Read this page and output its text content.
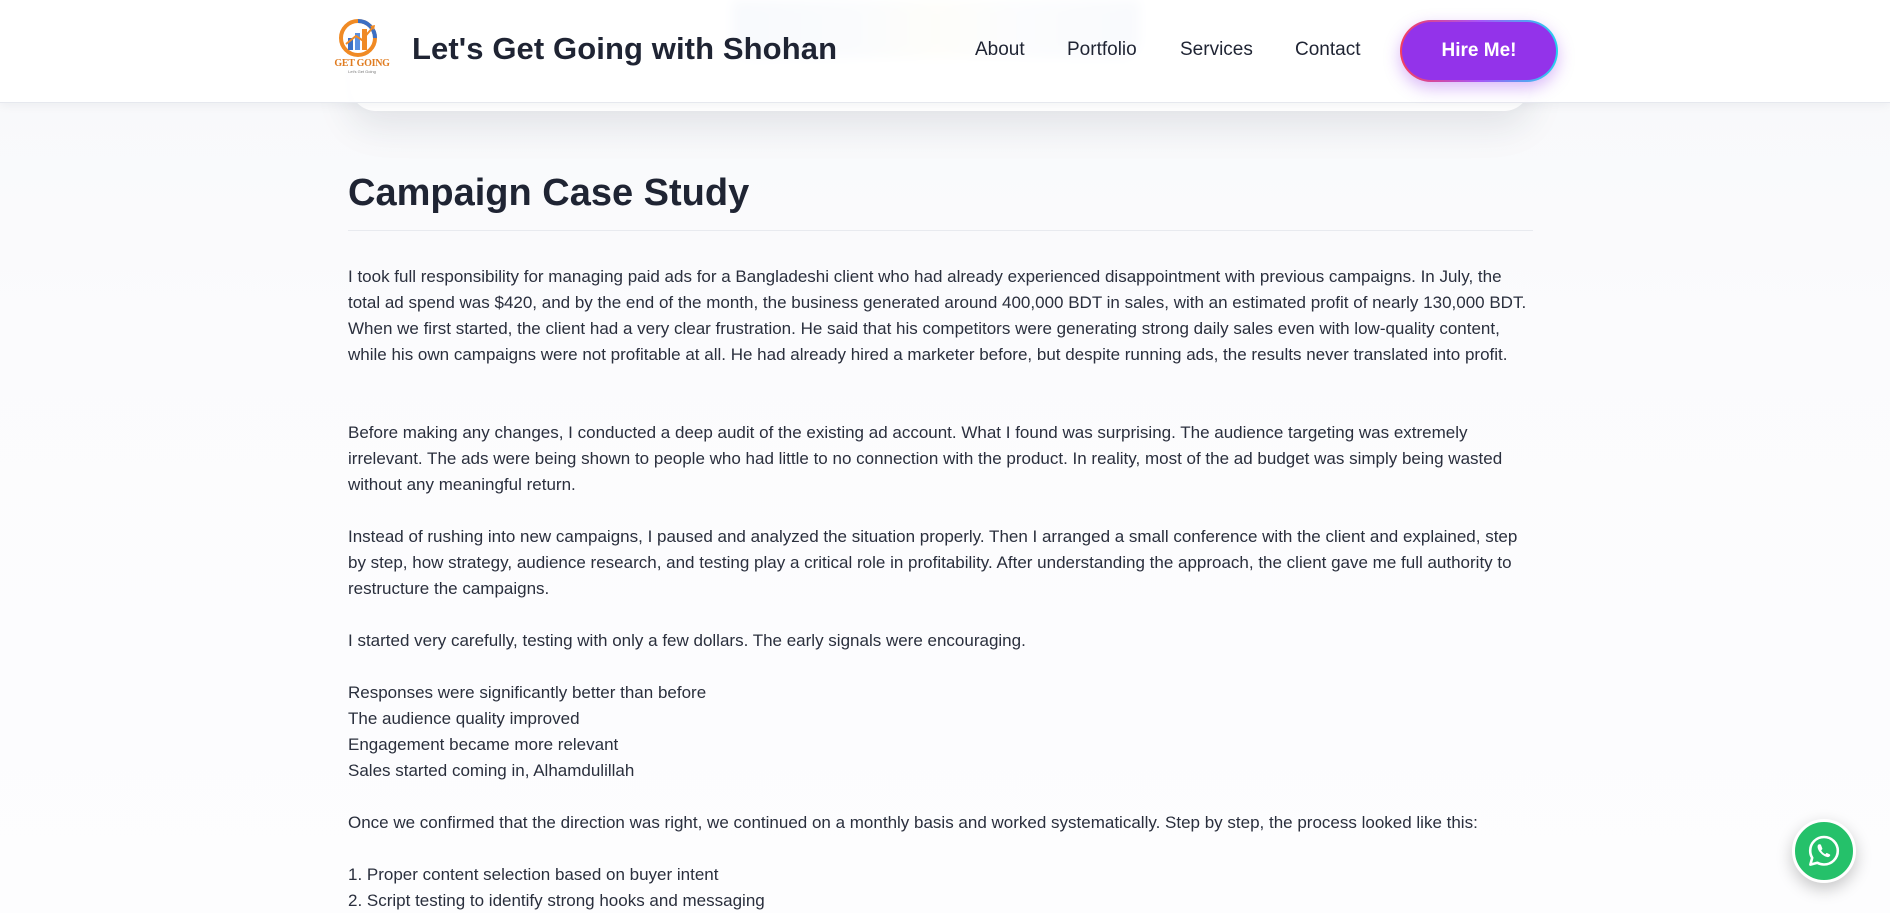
GET GOING
Let's Get Going
Let's Get Going with Shohan	About Portfolio Services Contact	Hire Me!
Campaign Case Study

I took full responsibility for managing paid ads for a Bangladeshi client who had already experienced disappointment with previous campaigns. In July, the total ad spend was $420, and by the end of the month, the business generated around 400,000 BDT in sales, with an estimated profit of nearly 130,000 BDT. When we first started, the client had a very clear frustration. He said that his competitors were generating strong daily sales even with low-quality content, while his own campaigns were not profitable at all. He had already hired a marketer before, but despite running ads, the results never translated into profit.

Before making any changes, I conducted a deep audit of the existing ad account. What I found was surprising. The audience targeting was extremely irrelevant. The ads were being shown to people who had little to no connection with the product. In reality, most of the ad budget was simply being wasted without any meaningful return.

Instead of rushing into new campaigns, I paused and analyzed the situation properly. Then I arranged a small conference with the client and explained, step by step, how strategy, audience research, and testing play a critical role in profitability. After understanding the approach, the client gave me full authority to restructure the campaigns.

I started very carefully, testing with only a few dollars. The early signals were encouraging.

Responses were significantly better than before
The audience quality improved
Engagement became more relevant
Sales started coming in, Alhamdulillah

Once we confirmed that the direction was right, we continued on a monthly basis and worked systematically. Step by step, the process looked like this:

1. Proper content selection based on buyer intent
2. Script testing to identify strong hooks and messaging
